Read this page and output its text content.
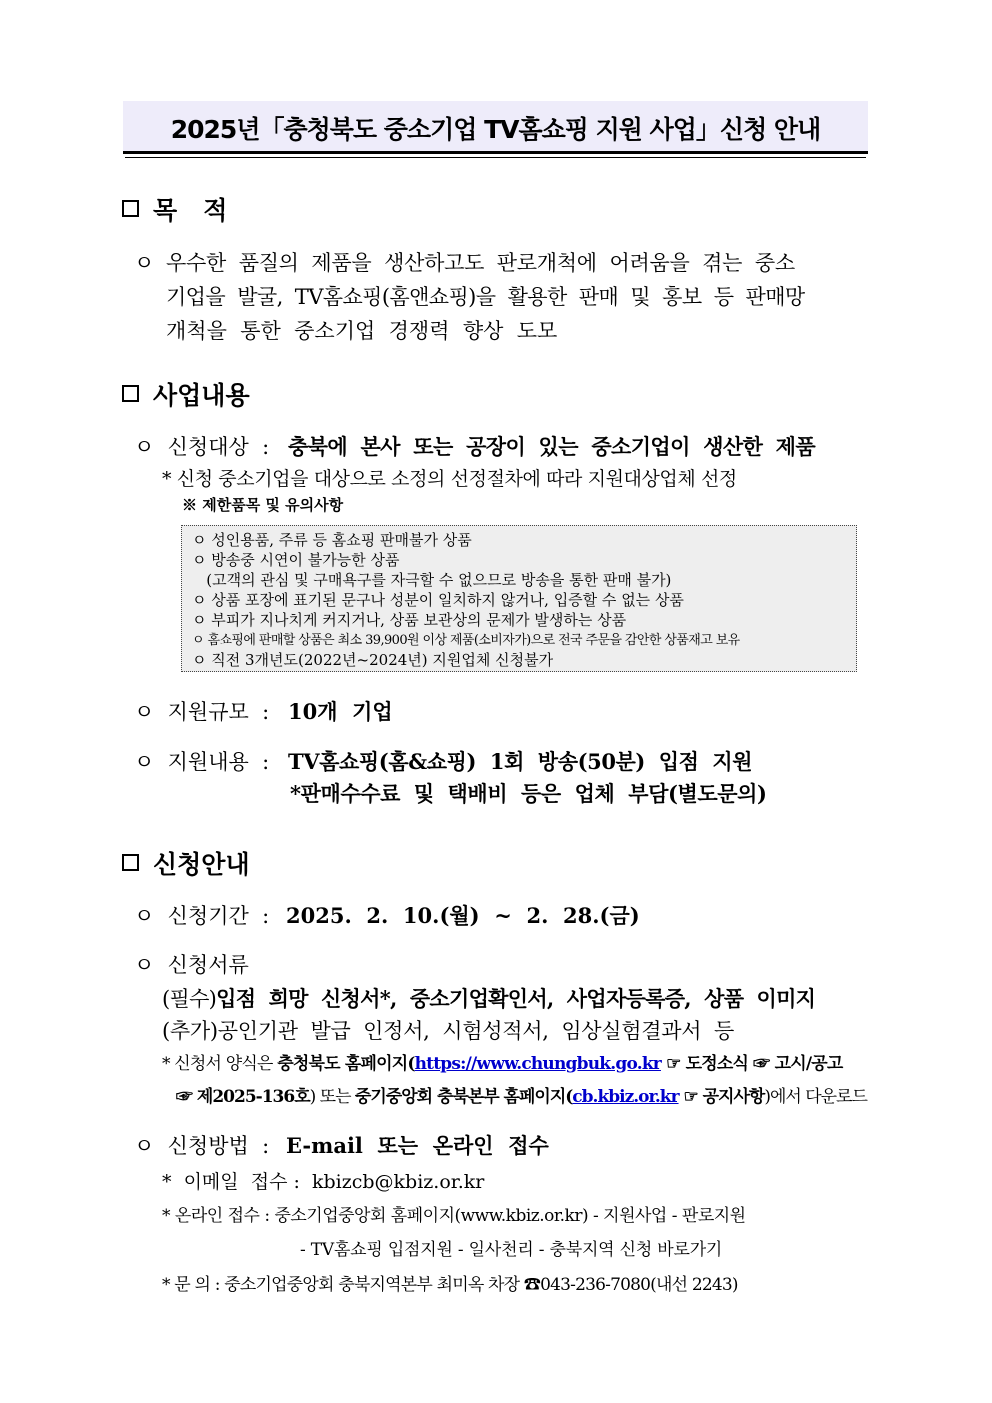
2025년「충청북도 중소기업 TV홈쇼핑 지원 사업」신청 안내
목   적
ㅇ 우수한  품질의  제품을  생산하고도  판로개척에  어려움을  겪는  중소
기업을  발굴,  TV홈쇼핑(홈앤쇼핑)을  활용한  판매  및  홍보  등  판매망
개척을  통한  중소기업  경쟁력  향상  도모
사업내용
ㅇ  신청대상  : 충북에  본사  또는  공장이  있는  중소기업이  생산한  제품
* 신청 중소기업을 대상으로 소정의 선정절차에 따라 지원대상업체 선정
※ 제한품목 및 유의사항
ㅇ 성인용품, 주류 등 홈쇼핑 판매불가 상품
ㅇ 방송중 시연이 불가능한 상품
(고객의 관심 및 구매욕구를 자극할 수 없으므로 방송을 통한 판매 불가)
ㅇ 상품 포장에 표기된 문구나 성분이 일치하지 않거나, 입증할 수 없는 상품
ㅇ 부피가 지나치게 커지거나, 상품 보관상의 문제가 발생하는 상품
ㅇ 홈쇼핑에 판매할 상품은 최소 39,900원 이상 제품(소비자가)으로 전국 주문을 감안한 상품재고 보유
ㅇ 직전 3개년도(2022년~2024년) 지원업체 신청불가
ㅇ  지원규모  : 10개  기업
ㅇ  지원내용  : TV홈쇼핑(홈&쇼핑)  1회  방송(50분)  입점  지원
*판매수수료  및  택배비  등은  업체  부담(별도문의)
신청안내
ㅇ  신청기간  : 2025.  2.  10.(월)  ~  2.  28.(금)
ㅇ  신청서류
(필수)입점  희망  신청서*,  중소기업확인서,  사업자등록증,  상품  이미지
(추가)공인기관  발급  인정서,  시험성적서,  임상실험결과서  등
* 신청서 양식은 충청북도 홈페이지(https://www.chungbuk.go.kr ☞ 도정소식 ☞ 고시/공고
☞ 제2025-136호) 또는 중기중앙회 충북본부 홈페이지(cb.kbiz.or.kr ☞ 공지사항)에서 다운로드
ㅇ  신청방법  : E-mail  또는  온라인  접수
*  이메일  접수 :  kbizcb@kbiz.or.kr
* 온라인 접수 : 중소기업중앙회 홈페이지(www.kbiz.or.kr) - 지원사업 - 판로지원
- TV홈쇼핑 입점지원 - 일사천리 - 충북지역 신청 바로가기
* 문 의 : 중소기업중앙회 충북지역본부 최미옥 차장 ☎043-236-7080(내선 2243)
